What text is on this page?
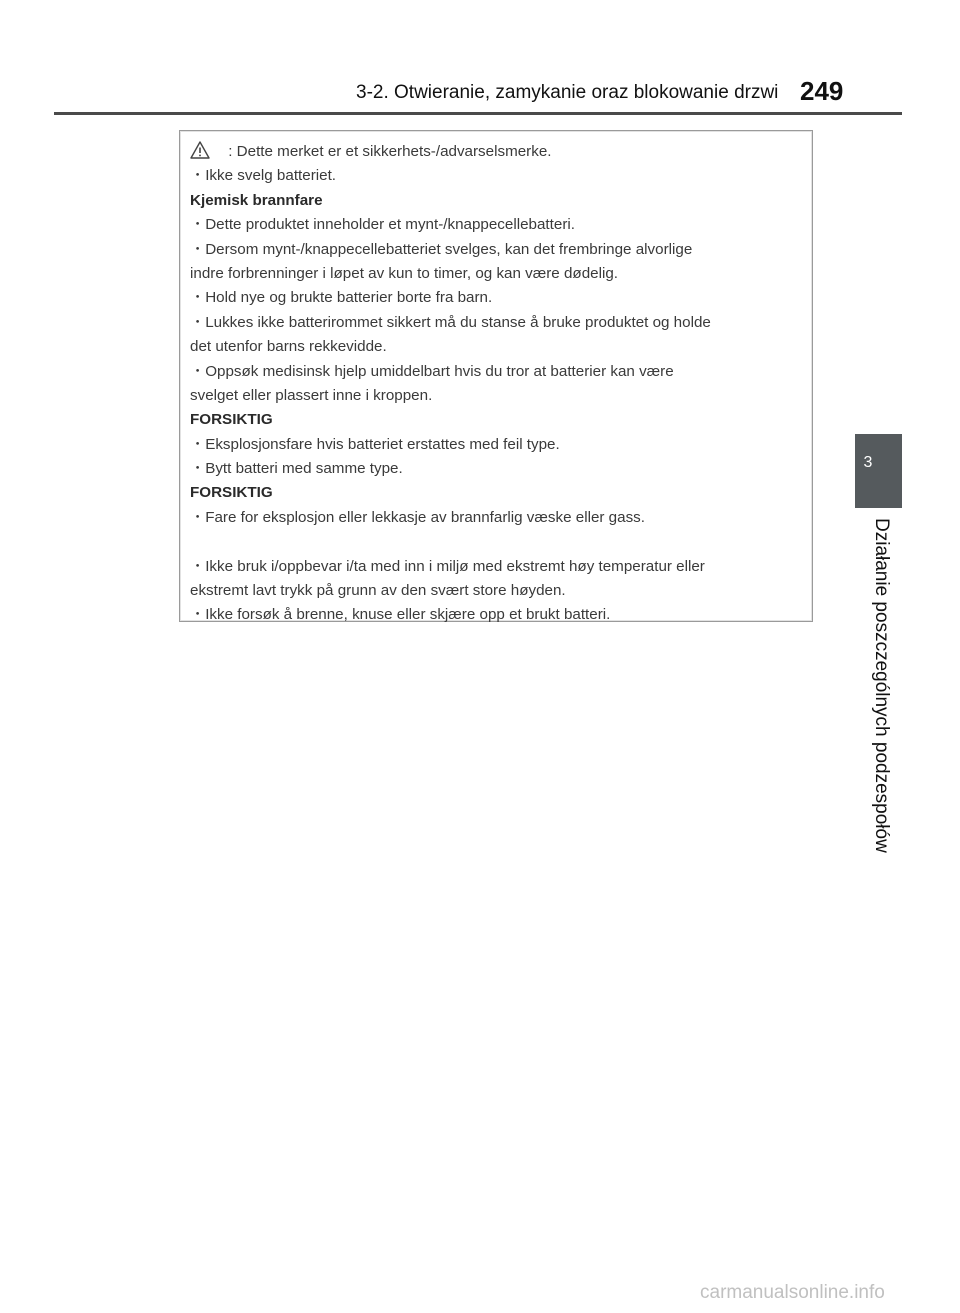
3-2. Otwieranie, zamykanie oraz blokowanie drzwi 249
3
Działanie poszczególnych podzespołów
: Dette merket er et sikkerhets-/advarselsmerke.
・Ikke svelg batteriet.
Kjemisk brannfare
・Dette produktet inneholder et mynt-/knappecellebatteri.
・Dersom mynt-/knappecellebatteriet svelges, kan det frembringe alvorlige
indre forbrenninger i løpet av kun to timer, og kan være dødelig.
・Hold nye og brukte batterier borte fra barn.
・Lukkes ikke batterirommet sikkert må du stanse å bruke produktet og holde
det utenfor barns rekkevidde.
・Oppsøk medisinsk hjelp umiddelbart hvis du tror at batterier kan være
svelget eller plassert inne i kroppen.
FORSIKTIG
・Eksplosjonsfare hvis batteriet erstattes med feil type.
・Bytt batteri med samme type.
FORSIKTIG
・Fare for eksplosjon eller lekkasje av brannfarlig væske eller gass.
・Ikke bruk i/oppbevar i/ta med inn i miljø med ekstremt høy temperatur eller
ekstremt lavt trykk på grunn av den svært store høyden.
・Ikke forsøk å brenne, knuse eller skjære opp et brukt batteri.
carmanualsonline.info
